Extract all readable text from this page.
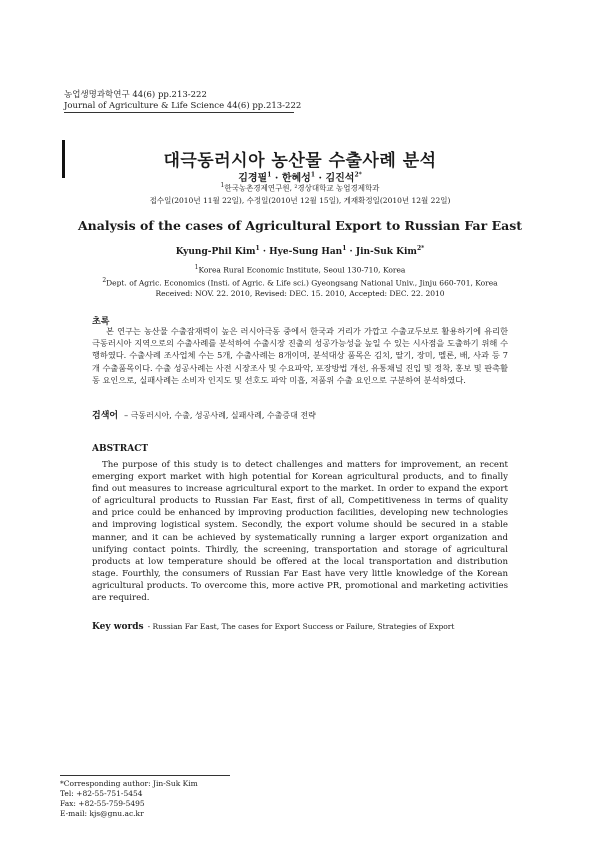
농업생명과학연구 44(6) pp.213-222
Journal of Agriculture & Life Science 44(6) pp.213-222
대극동러시아 농산물 수출사례 분석
김경필$^1$ · 한혜성$^1$ · 김진석$^{2*}$
$^1$한국농촌경제연구원, ²경상대학교 농업경제학과
접수일(2010년 11월 22일), 수정일(2010년 12월 15일), 게재확정일(2010년 12월 22일)
Analysis of the cases of Agricultural Export to Russian Far East
Kyung-Phil Kim$^1$ · Hye-Sung Han$^1$ · Jin-Suk Kim$^{2*}$
$^1$Korea Rural Economic Institute, Seoul 130-710, Korea
$^2$Dept. of Agric. Economics (Insti. of Agric. & Life sci.) Gyeongsang National Univ., Jinju 660-701, Korea
Received: NOV. 22. 2010, Revised: DEC. 15. 2010, Accepted: DEC. 22. 2010
초록
본 연구는 농산물 수출잠재력이 높은 러시아극동 중에서 한국과 거리가 가깝고 수출교두보로 활용하기에 유리한 극동러시아 지역으로의 수출사례를 분석하여 수출시장 진출의 성공가능성을 높일 수 있는 시사점을 도출하기 위해 수행하였다. 수출사례 조사업체 수는 5개, 수출사례는 8개이며, 분석대상 품목은 김치, 딸기, 장미, 멜론, 배, 사과 등 7개 수출품목이다. 수출 성공사례는 사전 시장조사 및 수요파악, 포장방법 개선, 유통채널 진입 및 정착, 홍보 및 판촉활동 요인으로, 실패사례는 소비자 인지도 및 선호도 파악 미흡, 저품위 수출 요인으로 구분하여 분석하였다.
검색어 – 극동러시아, 수출, 성공사례, 실패사례, 수출증대 전략
ABSTRACT
The purpose of this study is to detect challenges and matters for improvement, an recent emerging export market with high potential for Korean agricultural products, and to finally find out measures to increase agricultural export to the market. In order to expand the export of agricultural products to Russian Far East, first of all, Competitiveness in terms of quality and price could be enhanced by improving production facilities, developing new technologies and improving logistical system. Secondly, the export volume should be secured in a stable manner, and it can be achieved by systematically running a larger export organization and unifying contact points. Thirdly, the screening, transportation and storage of agricultural products at low temperature should be offered at the local transportation and distribution stage. Fourthly, the consumers of Russian Far East have very little knowledge of the Korean agricultural products. To overcome this, more active PR, promotional and marketing activities are required.
Key words - Russian Far East, The cases for Export Success or Failure, Strategies of Export
*Corresponding author: Jin-Suk Kim
Tel: +82-55-751-5454
Fax: +82-55-759-5495
E-mail: kjs@gnu.ac.kr
